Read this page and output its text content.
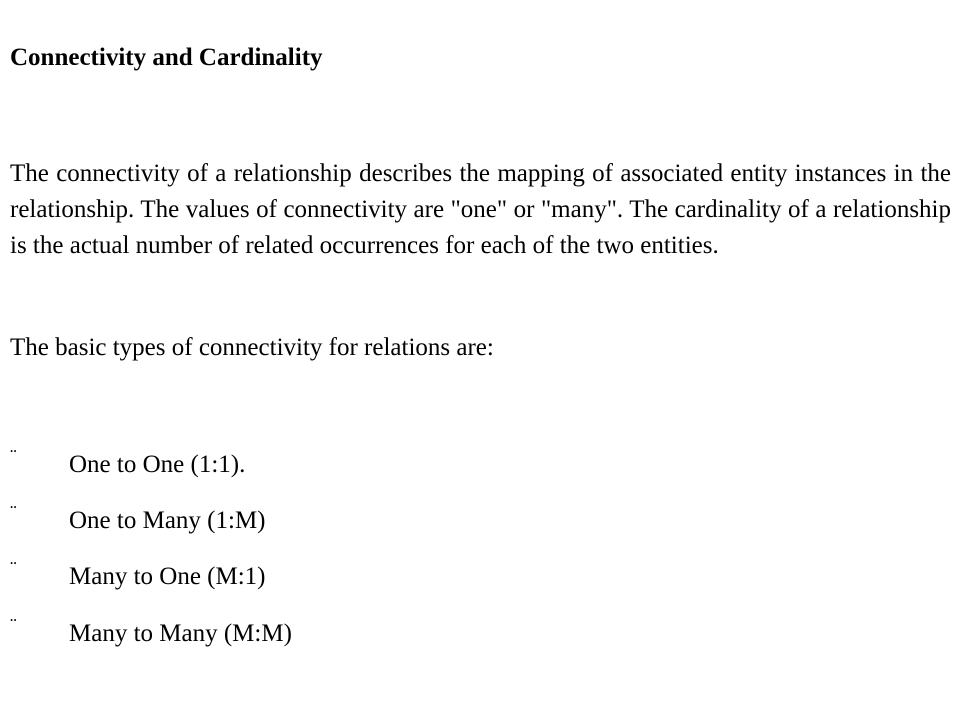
Connectivity and Cardinality

The connectivity of a relationship describes the mapping of associated entity instances in the relationship. The values of connectivity are "one" or "many". The cardinality of a relationship is the actual number of related occurrences for each of the two entities.

The basic types of connectivity for relations are:

¨ One to One (1:1).
¨ One to Many (1:M)
¨ Many to One (M:1)
¨ Many to Many (M:M)
